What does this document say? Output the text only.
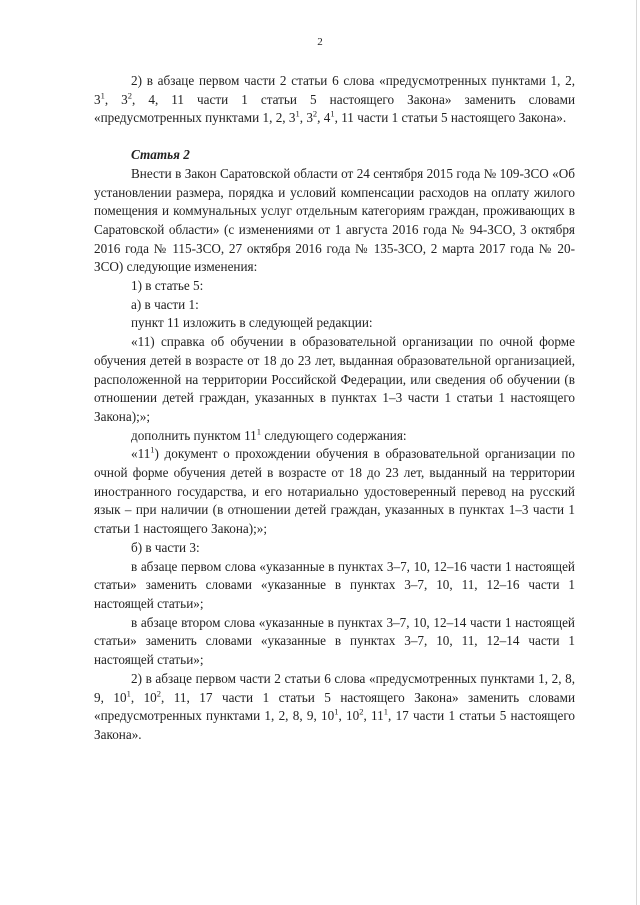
2

2) в абзаце первом части 2 статьи 6 слова «предусмотренных пунктами 1, 2, $3^1$, $3^2$, 4, 11 части 1 статьи 5 настоящего Закона» заменить словами «предусмотренных пунктами 1, 2, $3^1$, $3^2$, $4^1$, 11 части 1 статьи 5 настоящего Закона».

Статья 2

Внести в Закон Саратовской области от 24 сентября 2015 года № 109-ЗСО «Об установлении размера, порядка и условий компенсации расходов на оплату жилого помещения и коммунальных услуг отдельным категориям граждан, проживающих в Саратовской области» (с изменениями от 1 августа 2016 года № 94-ЗСО, 3 октября 2016 года № 115-ЗСО, 27 октября 2016 года № 135-ЗСО, 2 марта 2017 года № 20-ЗСО) следующие изменения:

1) в статье 5:

а) в части 1:

пункт 11 изложить в следующей редакции:

«11) справка об обучении в образовательной организации по очной форме обучения детей в возрасте от 18 до 23 лет, выданная образовательной организацией, расположенной на территории Российской Федерации, или сведения об обучении (в отношении детей граждан, указанных в пунктах 1–3 части 1 статьи 1 настоящего Закона);»;

дополнить пунктом $11^1$ следующего содержания:

«$11^1$) документ о прохождении обучения в образовательной организации по очной форме обучения детей в возрасте от 18 до 23 лет, выданный на территории иностранного государства, и его нотариально удостоверенный перевод на русский язык – при наличии (в отношении детей граждан, указанных в пунктах 1–3 части 1 статьи 1 настоящего Закона);»;

б) в части 3:

в абзаце первом слова «указанные в пунктах 3–7, 10, 12–16 части 1 настоящей статьи» заменить словами «указанные в пунктах 3–7, 10, 11, 12–16 части 1 настоящей статьи»;

в абзаце втором слова «указанные в пунктах 3–7, 10, 12–14 части 1 настоящей статьи» заменить словами «указанные в пунктах 3–7, 10, 11, 12–14 части 1 настоящей статьи»;

2) в абзаце первом части 2 статьи 6 слова «предусмотренных пунктами 1, 2, 8, 9, $10^1$, $10^2$, 11, 17 части 1 статьи 5 настоящего Закона» заменить словами «предусмотренных пунктами 1, 2, 8, 9, $10^1$, $10^2$, $11^1$, 17 части 1 статьи 5 настоящего Закона».
